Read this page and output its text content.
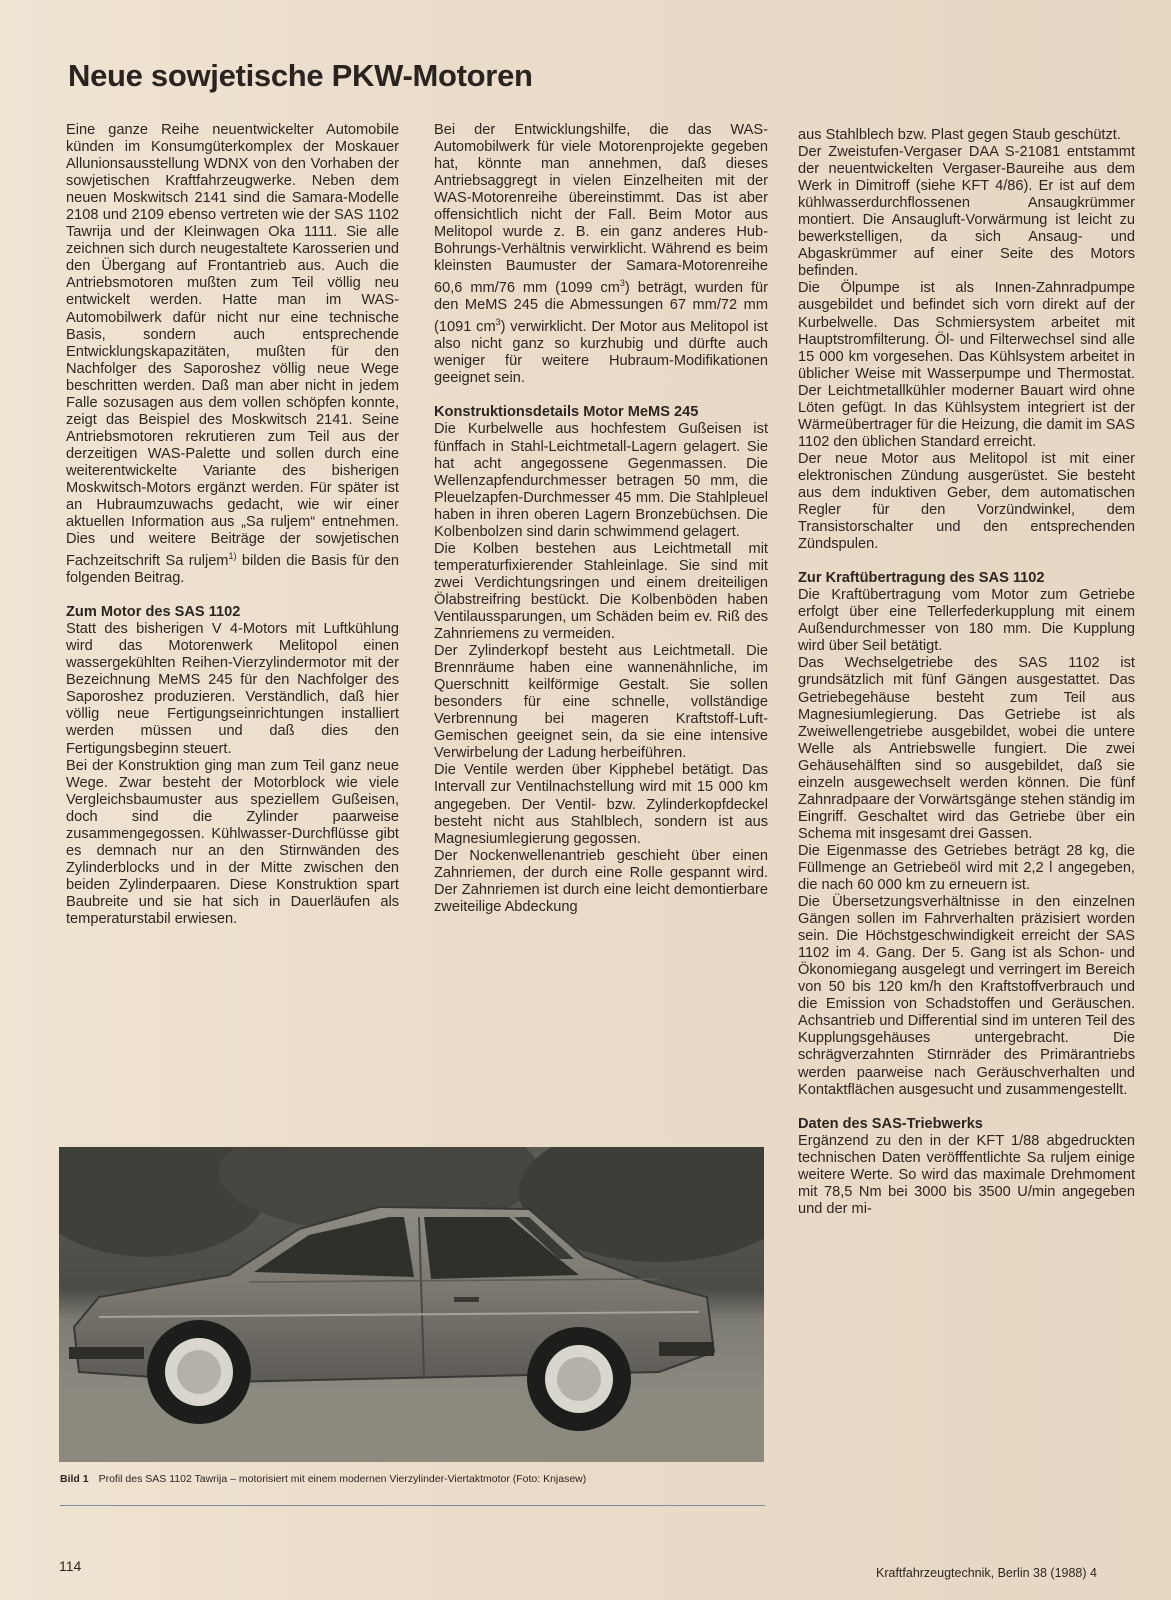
Neue sowjetische PKW-Motoren

Eine ganze Reihe neuentwickelter Automobile künden im Konsumgüterkomplex der Moskauer Allunionsausstellung WDNX von den Vorhaben der sowjetischen Kraftfahrzeugwerke. Neben dem neuen Moskwitsch 2141 sind die Samara-Modelle 2108 und 2109 ebenso vertreten wie der SAS 1102 Tawrija und der Kleinwagen Oka 1111. Sie alle zeichnen sich durch neugestaltete Karosserien und den Übergang auf Frontantrieb aus. Auch die Antriebsmotoren mußten zum Teil völlig neu entwickelt werden. Hatte man im WAS-Automobilwerk dafür nicht nur eine technische Basis, sondern auch entsprechende Entwicklungskapazitäten, mußten für den Nachfolger des Saporoshez völlig neue Wege beschritten werden. Daß man aber nicht in jedem Falle sozusagen aus dem vollen schöpfen konnte, zeigt das Beispiel des Moskwitsch 2141. Seine Antriebsmotoren rekrutieren zum Teil aus der derzeitigen WAS-Palette und sollen durch eine weiterentwickelte Variante des bisherigen Moskwitsch-Motors ergänzt werden. Für später ist an Hubraumzuwachs gedacht, wie wir einer aktuellen Information aus „Sa ruljem“ entnehmen. Dies und weitere Beiträge der sowjetischen Fachzeitschrift Sa ruljem$^{1)}$ bilden die Basis für den folgenden Beitrag.

Zum Motor des SAS 1102

Statt des bisherigen V 4-Motors mit Luftkühlung wird das Motorenwerk Melitopol einen wassergekühlten Reihen-Vierzylindermotor mit der Bezeichnung MeMS 245 für den Nachfolger des Saporoshez produzieren. Verständlich, daß hier völlig neue Fertigungseinrichtungen installiert werden müssen und daß dies den Fertigungsbeginn steuert.

Bei der Konstruktion ging man zum Teil ganz neue Wege. Zwar besteht der Motorblock wie viele Vergleichsbaumuster aus speziellem Gußeisen, doch sind die Zylinder paarweise zusammengegossen. Kühlwasser-Durchflüsse gibt es demnach nur an den Stirnwänden des Zylinderblocks und in der Mitte zwischen den beiden Zylinderpaaren. Diese Konstruktion spart Baubreite und sie hat sich in Dauerläufen als temperaturstabil erwiesen.

Bei der Entwicklungshilfe, die das WAS-Automobilwerk für viele Motorenprojekte gegeben hat, könnte man annehmen, daß dieses Antriebsaggregt in vielen Einzelheiten mit der WAS-Motorenreihe übereinstimmt. Das ist aber offensichtlich nicht der Fall. Beim Motor aus Melitopol wurde z. B. ein ganz anderes Hub-Bohrungs-Verhältnis verwirklicht. Während es beim kleinsten Baumuster der Samara-Motorenreihe 60,6 mm/76 mm (1099 $cm^3$) beträgt, wurden für den MeMS 245 die Abmessungen 67 mm/72 mm (1091 $cm^3$) verwirklicht. Der Motor aus Melitopol ist also nicht ganz so kurzhubig und dürfte auch weniger für weitere Hubraum-Modifikationen geeignet sein.

Konstruktionsdetails Motor MeMS 245

Die Kurbelwelle aus hochfestem Gußeisen ist fünffach in Stahl-Leichtmetall-Lagern gelagert. Sie hat acht angegossene Gegenmassen. Die Wellenzapfendurchmesser betragen 50 mm, die Pleuelzapfen-Durchmesser 45 mm. Die Stahlpleuel haben in ihren oberen Lagern Bronzebüchsen. Die Kolbenbolzen sind darin schwimmend gelagert.

Die Kolben bestehen aus Leichtmetall mit temperaturfixierender Stahleinlage. Sie sind mit zwei Verdichtungsringen und einem dreiteiligen Ölabstreifring bestückt. Die Kolbenböden haben Ventilaussparungen, um Schäden beim ev. Riß des Zahnriemens zu vermeiden.

Der Zylinderkopf besteht aus Leichtmetall. Die Brennräume haben eine wannenähnliche, im Querschnitt keilförmige Gestalt. Sie sollen besonders für eine schnelle, vollständige Verbrennung bei mageren Kraftstoff-Luft-Gemischen geeignet sein, da sie eine intensive Verwirbelung der Ladung herbeiführen.

Die Ventile werden über Kipphebel betätigt. Das Intervall zur Ventilnachstellung wird mit 15 000 km angegeben. Der Ventil- bzw. Zylinderkopfdeckel besteht nicht aus Stahlblech, sondern ist aus Magnesiumlegierung gegossen.

Der Nockenwellenantrieb geschieht über einen Zahnriemen, der durch eine Rolle gespannt wird. Der Zahnriemen ist durch eine leicht demontierbare zweiteilige Abdeckung

aus Stahlblech bzw. Plast gegen Staub geschützt.

Der Zweistufen-Vergaser DAA S-21081 entstammt der neuentwickelten Vergaser-Baureihe aus dem Werk in Dimitroff (siehe KFT 4/86). Er ist auf dem kühlwasserdurchflossenen Ansaugkrümmer montiert. Die Ansaugluft-Vorwärmung ist leicht zu bewerkstelligen, da sich Ansaug- und Abgaskrümmer auf einer Seite des Motors befinden.

Die Ölpumpe ist als Innen-Zahnradpumpe ausgebildet und befindet sich vorn direkt auf der Kurbelwelle. Das Schmiersystem arbeitet mit Hauptstromfilterung. Öl- und Filterwechsel sind alle 15 000 km vorgesehen. Das Kühlsystem arbeitet in üblicher Weise mit Wasserpumpe und Thermostat. Der Leichtmetallkühler moderner Bauart wird ohne Löten gefügt. In das Kühlsystem integriert ist der Wärmeübertrager für die Heizung, die damit im SAS 1102 den üblichen Standard erreicht.

Der neue Motor aus Melitopol ist mit einer elektronischen Zündung ausgerüstet. Sie besteht aus dem induktiven Geber, dem automatischen Regler für den Vorzündwinkel, dem Transistorschalter und den entsprechenden Zündspulen.

Zur Kraftübertragung des SAS 1102

Die Kraftübertragung vom Motor zum Getriebe erfolgt über eine Tellerfederkupplung mit einem Außendurchmesser von 180 mm. Die Kupplung wird über Seil betätigt.

Das Wechselgetriebe des SAS 1102 ist grundsätzlich mit fünf Gängen ausgestattet. Das Getriebegehäuse besteht zum Teil aus Magnesiumlegierung. Das Getriebe ist als Zweiwellengetriebe ausgebildet, wobei die untere Welle als Antriebswelle fungiert. Die zwei Gehäusehälften sind so ausgebildet, daß sie einzeln ausgewechselt werden können. Die fünf Zahnradpaare der Vorwärtsgänge stehen ständig im Eingriff. Geschaltet wird das Getriebe über ein Schema mit insgesamt drei Gassen.

Die Eigenmasse des Getriebes beträgt 28 kg, die Füllmenge an Getriebeöl wird mit 2,2 l angegeben, die nach 60 000 km zu erneuern ist.

Die Übersetzungsverhältnisse in den einzelnen Gängen sollen im Fahrverhalten präzisiert worden sein. Die Höchstgeschwindigkeit erreicht der SAS 1102 im 4. Gang. Der 5. Gang ist als Schon- und Ökonomiegang ausgelegt und verringert im Bereich von 50 bis 120 km/h den Kraftstoffverbrauch und die Emission von Schadstoffen und Geräuschen. Achsantrieb und Differential sind im unteren Teil des Kupplungsgehäuses untergebracht. Die schrägverzahnten Stirnräder des Primärantriebs werden paarweise nach Geräuschverhalten und Kontaktflächen ausgesucht und zusammengestellt.

Daten des SAS-Triebwerks

Ergänzend zu den in der KFT 1/88 abgedruckten technischen Daten veröfffentlichte Sa ruljem einige weitere Werte. So wird das maximale Drehmoment mit 78,5 Nm bei 3000 bis 3500 U/min angegeben und der mi-

Bild 1 Profil des SAS 1102 Tawrija – motorisiert mit einem modernen Vierzylinder-Viertaktmotor (Foto: Knjasew)
114	Kraftfahrzeugtechnik, Berlin 38 (1988) 4
